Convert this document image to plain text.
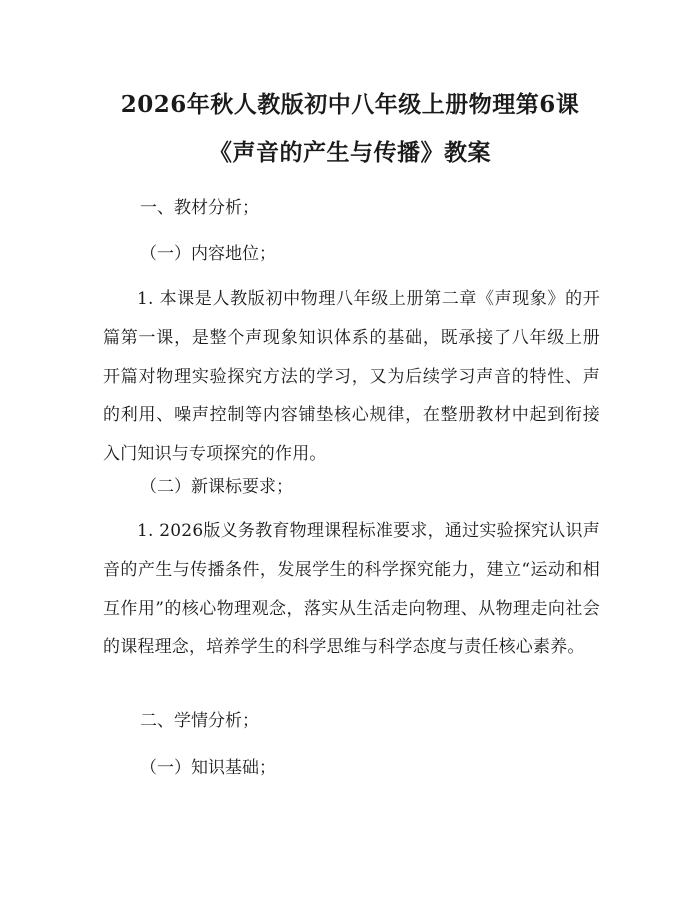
2026年秋人教版初中八年级上册物理第6课
《声音的产生与传播》教案
一、教材分析；
（一）内容地位；
1. 本课是人教版初中物理八年级上册第二章《声现象》的开篇第一课，是整个声现象知识体系的基础，既承接了八年级上册开篇对物理实验探究方法的学习，又为后续学习声音的特性、声的利用、噪声控制等内容铺垫核心规律，在整册教材中起到衔接入门知识与专项探究的作用。
（二）新课标要求；
1. 2026版义务教育物理课程标准要求，通过实验探究认识声音的产生与传播条件，发展学生的科学探究能力，建立“运动和相互作用”的核心物理观念，落实从生活走向物理、从物理走向社会的课程理念，培养学生的科学思维与科学态度与责任核心素养。
二、学情分析；
（一）知识基础；
